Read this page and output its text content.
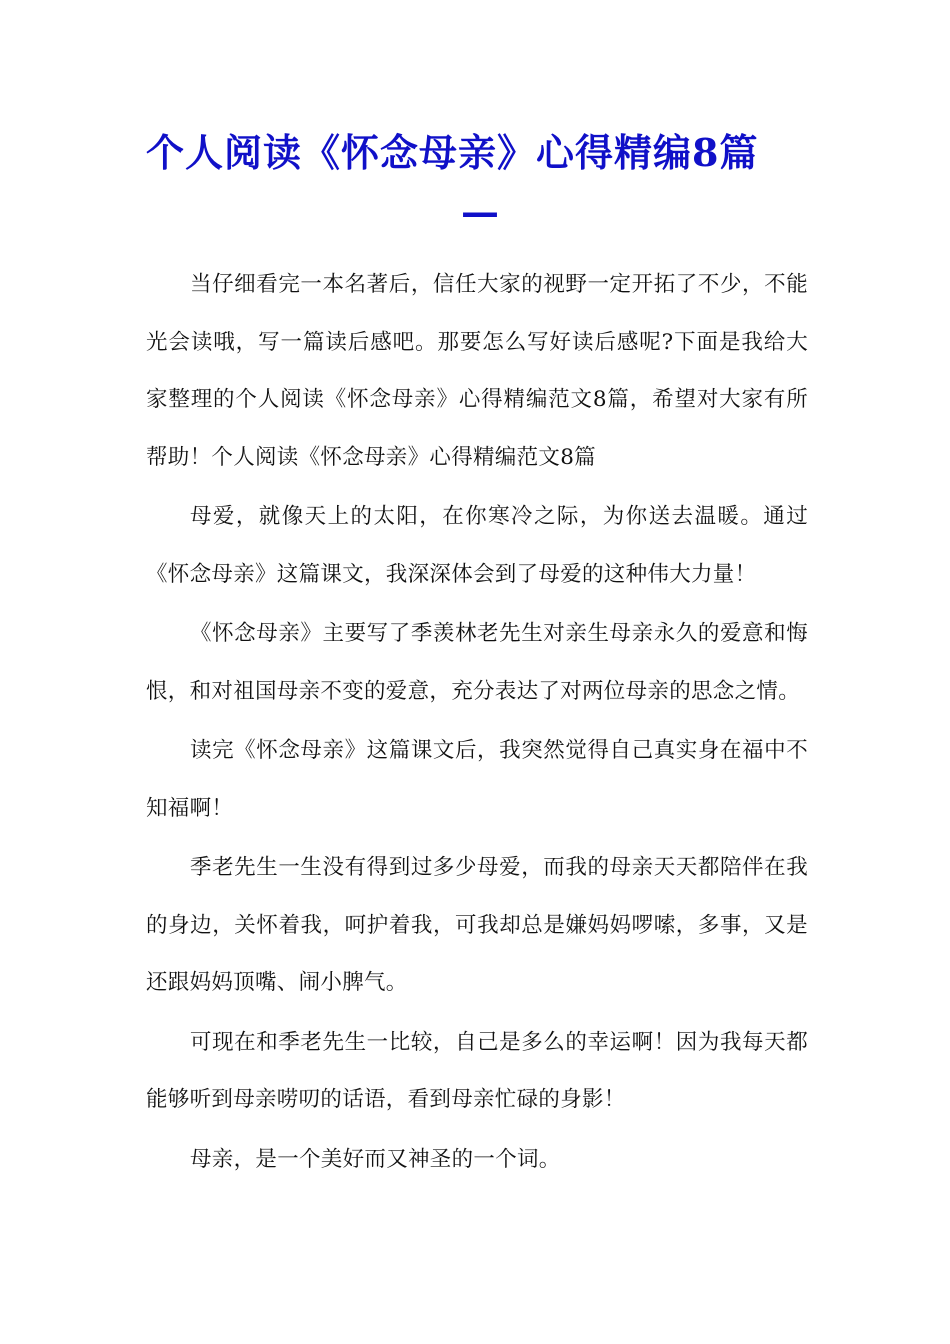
个人阅读《怀念母亲》心得精编8篇
—

当仔细看完一本名著后，信任大家的视野一定开拓了不少，不能光会读哦，写一篇读后感吧。那要怎么写好读后感呢?下面是我给大家整理的个人阅读《怀念母亲》心得精编范文8篇，希望对大家有所帮助！个人阅读《怀念母亲》心得精编范文8篇

母爱，就像天上的太阳，在你寒冷之际，为你送去温暖。通过《怀念母亲》这篇课文，我深深体会到了母爱的这种伟大力量！

《怀念母亲》主要写了季羡林老先生对亲生母亲永久的爱意和悔恨，和对祖国母亲不变的爱意，充分表达了对两位母亲的思念之情。

读完《怀念母亲》这篇课文后，我突然觉得自己真实身在福中不知福啊！

季老先生一生没有得到过多少母爱，而我的母亲天天都陪伴在我的身边，关怀着我，呵护着我，可我却总是嫌妈妈啰嗦，多事，又是还跟妈妈顶嘴、闹小脾气。

可现在和季老先生一比较，自己是多么的幸运啊！因为我每天都能够听到母亲唠叨的话语，看到母亲忙碌的身影！

母亲，是一个美好而又神圣的一个词。
